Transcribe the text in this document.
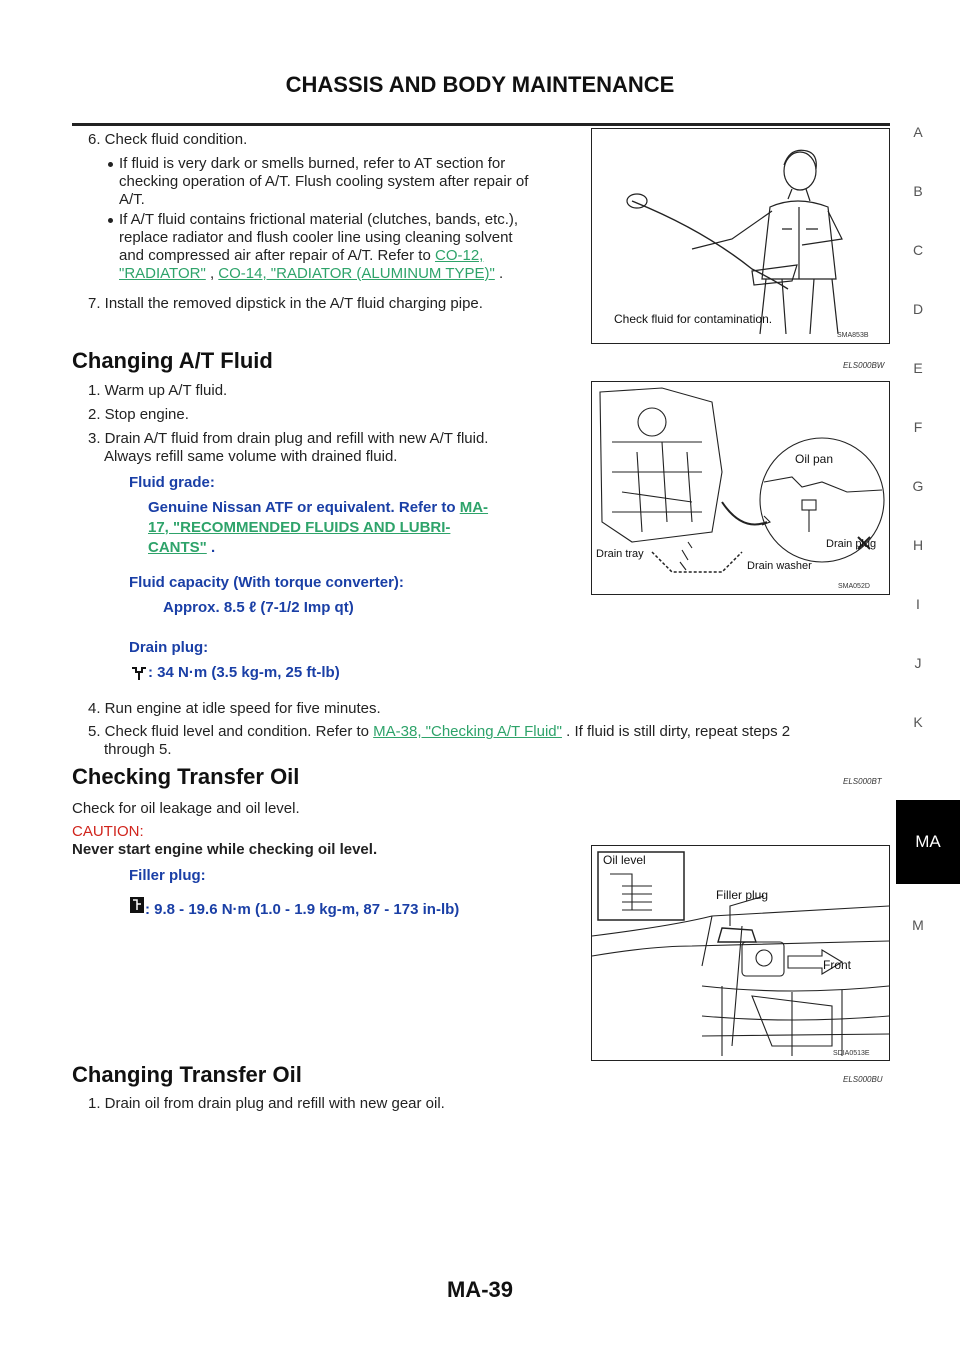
CHASSIS AND BODY MAINTENANCE
6. Check fluid condition.
If fluid is very dark or smells burned, refer to AT section for
checking operation of A/T. Flush cooling system after repair of
A/T.
If A/T fluid contains frictional material (clutches, bands, etc.),
replace radiator and flush cooler line using cleaning solvent
and compressed air after repair of A/T. Refer to CO-12,
"RADIATOR" , CO-14, "RADIATOR (ALUMINUM TYPE)" .
7. Install the removed dipstick in the A/T fluid charging pipe.
Check fluid for contamination.
SMA853B
Changing A/T Fluid	ELS000BW
1. Warm up A/T fluid.
2. Stop engine.
3. Drain A/T fluid from drain plug and refill with new A/T fluid.
Always refill same volume with drained fluid.
Fluid grade:
Genuine Nissan ATF or equivalent. Refer to MA-
17, "RECOMMENDED FLUIDS AND LUBRI-
CANTS" .
Fluid capacity (With torque converter):
Approx. 8.5 ℓ (7-1/2 Imp qt)
Drain plug:
: 34 N·m (3.5 kg-m, 25 ft-lb)
4. Run engine at idle speed for five minutes.
5. Check fluid level and condition. Refer to MA-38, "Checking A/T Fluid" . If fluid is still dirty, repeat steps 2
through 5.
Oil pan
Drain plug
Drain tray
Drain washer
SMA052D
Checking Transfer Oil	ELS000BT
Check for oil leakage and oil level.
CAUTION:
Never start engine while checking oil level.
Filler plug:
: 9.8 - 19.6 N·m (1.0 - 1.9 kg-m, 87 - 173 in-lb)
Oil level
Filler plug
Front
SDIA0513E
Changing Transfer Oil	ELS000BU
1. Drain oil from drain plug and refill with new gear oil.
A
B
C
D
E
F
G
H
I
J
K
MA
M
MA-39
